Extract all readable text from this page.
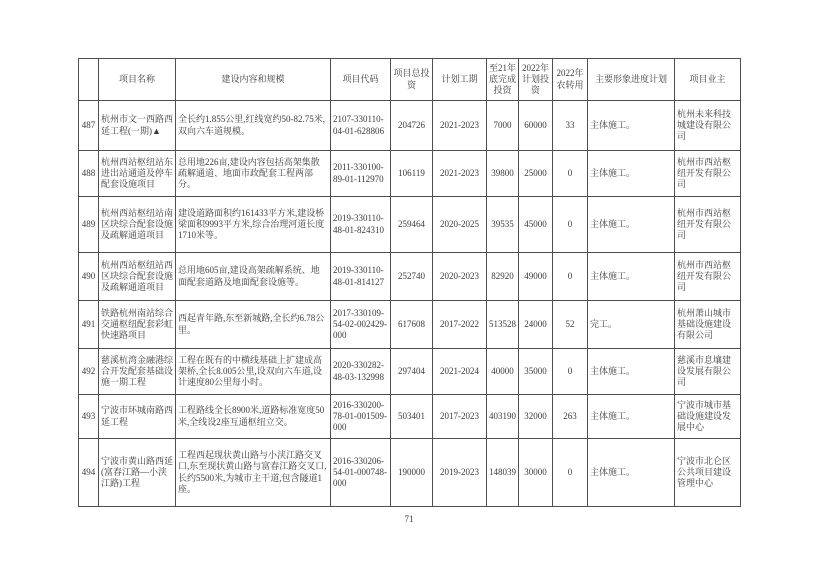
	项目名称	建设内容和规模	项目代码	项目总投资	计划工期	至21年底完成投资	2022年计划投资	2022年农转用	主要形象进度计划	项目业主
487	杭州市文一西路西延工程(一期)▲	全长约1.855公里,红线宽约50-82.75米,双向六车道规模。	2107-330110-04-01-628806	204726	2021-2023	7000	60000	33	主体施工。	杭州未来科技城建设有限公司
488	杭州西站枢纽站东进出站通道及停车配套设施项目	总用地226亩,建设内容包括高架集散疏解通道、地面市政配套工程两部分。	2011-330100-89-01-112970	106119	2021-2023	39800	25000	0	主体施工。	杭州市西站枢纽开发有限公司
489	杭州西站枢纽站南区块综合配套设施及疏解通道项目	建设道路面积约161433平方米,建设桥梁面积9993平方米,综合治理河道长度1710米等。	2019-330110-48-01-824310	259464	2020-2025	39535	45000	0	主体施工。	杭州市西站枢纽开发有限公司
490	杭州西站枢纽站西区块综合配套设施及疏解通道项目	总用地605亩,建设高架疏解系统、地面配套道路及地面配套设施等。	2019-330110-48-01-814127	252740	2020-2023	82920	49000	0	主体施工。	杭州市西站枢纽开发有限公司
491	铁路杭州南站综合交通枢纽配套彩虹快速路项目	西起青年路,东至新城路,全长约6.78公里。	2017-330109-54-02-002429-000	617608	2017-2022	513528	24000	52	完工。	杭州萧山城市基础设施建设有限公司
492	慈溪杭湾金融港综合开发配套基础设施一期工程	工程在既有的中横线基础上扩建成高架桥,全长8.005公里,设双向六车道,设计速度80公里每小时。	2020-330282-48-03-132998	297404	2021-2024	40000	35000	0	主体施工。	慈溪市息壤建设发展有限公司
493	宁波市环城南路西延工程	工程路线全长8900米,道路标准宽度50米,全线设2座互通枢纽立交。	2016-330200-78-01-001509-000	503401	2017-2023	403190	32000	263	主体施工。	宁波市城市基础设施建设发展中心
494	宁波市黄山路西延(富春江路—小浃江路)工程	工程西起现状黄山路与小浃江路交叉口,东至现状黄山路与富春江路交叉口,长约5500米,为城市主干道,包含隧道1座。	2016-330206-54-01-000748-000	190000	2019-2023	148039	30000	0	主体施工。	宁波市北仑区公共项目建设管理中心
71
